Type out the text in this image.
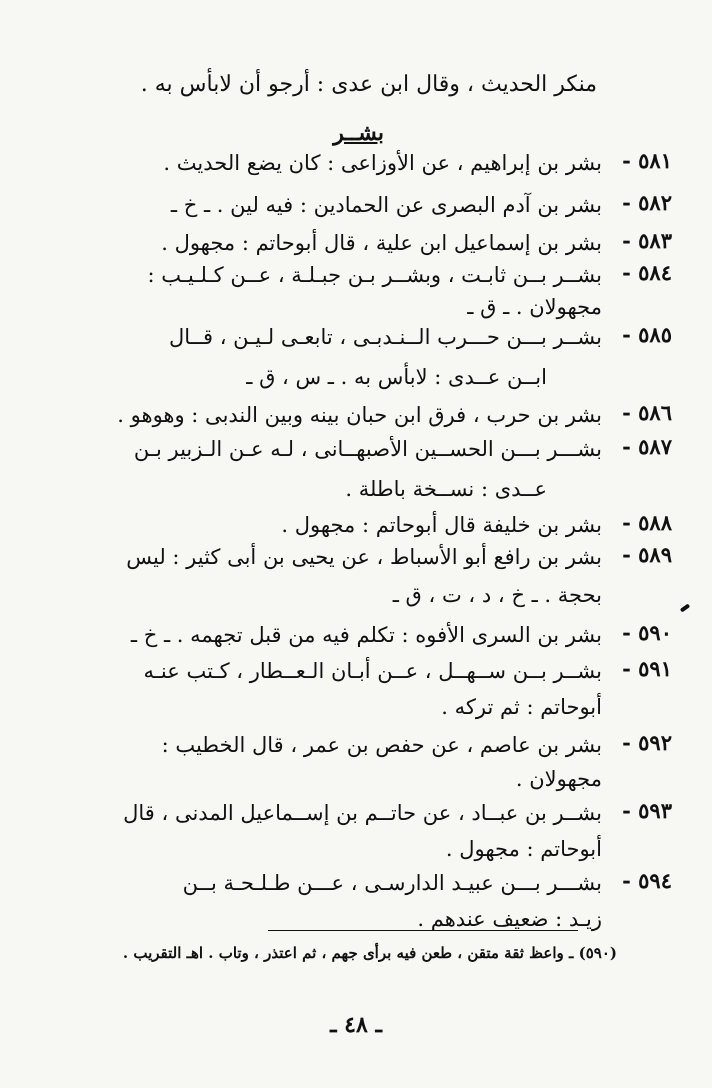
منكر الحديث ، وقال ابن عدى : أرجو أن لابأس به .

بشــر

٥٨١ -
بشر بن إبراهيم ، عن الأوزاعى : كان يضع الحديث .
٥٨٢ -
بشر بن آدم البصرى عن الحمادين : فيه لين . ـ خ ـ
٥٨٣ -
بشر بن إسماعيل ابن علية ، قال أبوحاتم : مجهول .
٥٨٤ -
بشــر بــن ثابـت ، وبشــر بـن جبـلـة ، عــن كـلـيـب :
مجهولان . ـ ق ـ
٥٨٥ -
بشــر بـــن حـــرب الــنـدبـى ، تابعـى لـيـن ، قــال
ابــن عــدى : لابأس به . ـ س ، ق ـ
٥٨٦ -
بشر بن حرب ، فرق ابن حبان بينه وبين الندبى : وهوهو .
٥٨٧ -
بشـــر بـــن الحســين الأصبهــانى ، لـه عـن الـزبير بـن
عــدى : نســخة باطلة .
٥٨٨ -
بشر بن خليفة قال أبوحاتم : مجهول .
٥٨٩ -
بشر بن رافع أبو الأسباط ، عن يحيى بن أبى كثير : ليس
بحجة . ـ خ ، د ، ت ، ق ـ
٥٩٠ -
بشر بن السرى الأفوه : تكلم فيه من قبل تجهمه . ـ خ ـ
٥٩١ -
بشــر بــن ســهــل ، عــن أبـان الـعــطار ، كـتب عنـه
أبوحاتم : ثم تركه .
٥٩٢ -
بشر بن عاصم ، عن حفص بن عمر ، قال الخطيب :
مجهولان .
٥٩٣ -
بشــر بن عبــاد ، عن حاتــم بن إســماعيل المدنى ، قال
أبوحاتم : مجهول .
٥٩٤ -
بشـــر بـــن عبيـد الدارسـى ، عـــن طـلـحـة بــن
زيـد : ضعيف عندهم .
(٥٩٠) ـ واعظ ثقة متقن ، طعن فيه برأى جهم ، ثم اعتذر ، وتاب . اهـ التقريب .
ـ ٤٨ ـ
